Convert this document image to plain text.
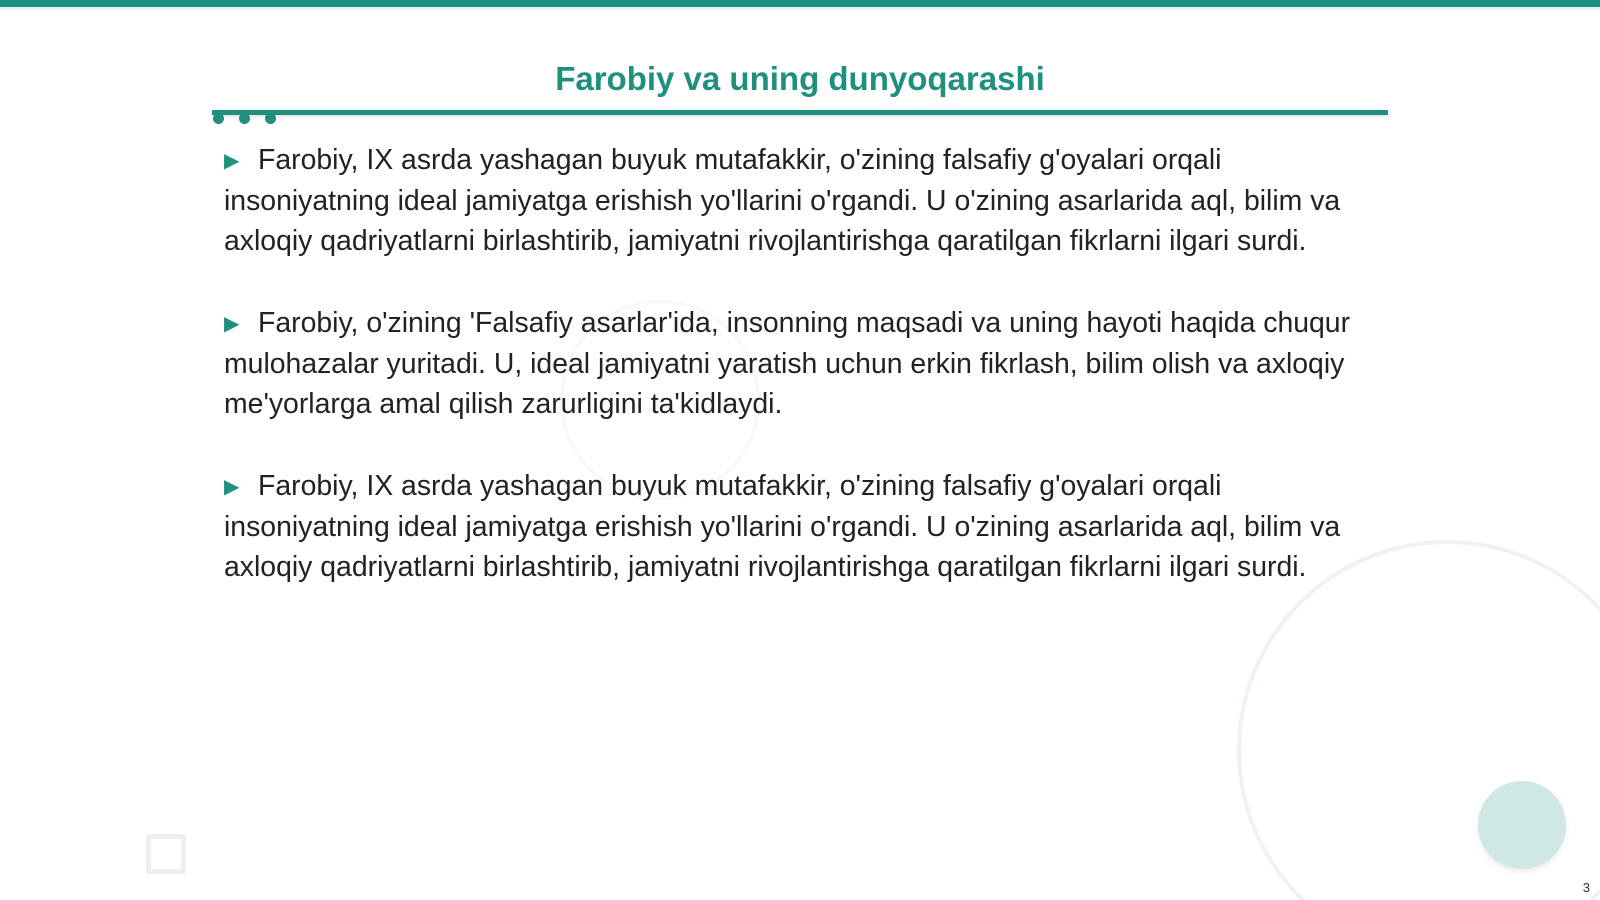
Farobiy va uning dunyoqarashi

▶ Farobiy, IX asrda yashagan buyuk mutafakkir, o'zining falsafiy g'oyalari orqali insoniyatning ideal jamiyatga erishish yo'llarini o'rgandi. U o'zining asarlarida aql, bilim va axloqiy qadriyatlarni birlashtirib, jamiyatni rivojlantirishga qaratilgan fikrlarni ilgari surdi.

▶ Farobiy, o'zining 'Falsafiy asarlar'ida, insonning maqsadi va uning hayoti haqida chuqur mulohazalar yuritadi. U, ideal jamiyatni yaratish uchun erkin fikrlash, bilim olish va axloqiy me'yorlarga amal qilish zarurligini ta'kidlaydi.

▶ Farobiy, IX asrda yashagan buyuk mutafakkir, o'zining falsafiy g'oyalari orqali insoniyatning ideal jamiyatga erishish yo'llarini o'rgandi. U o'zining asarlarida aql, bilim va axloqiy qadriyatlarni birlashtirib, jamiyatni rivojlantirishga qaratilgan fikrlarni ilgari surdi.

3
